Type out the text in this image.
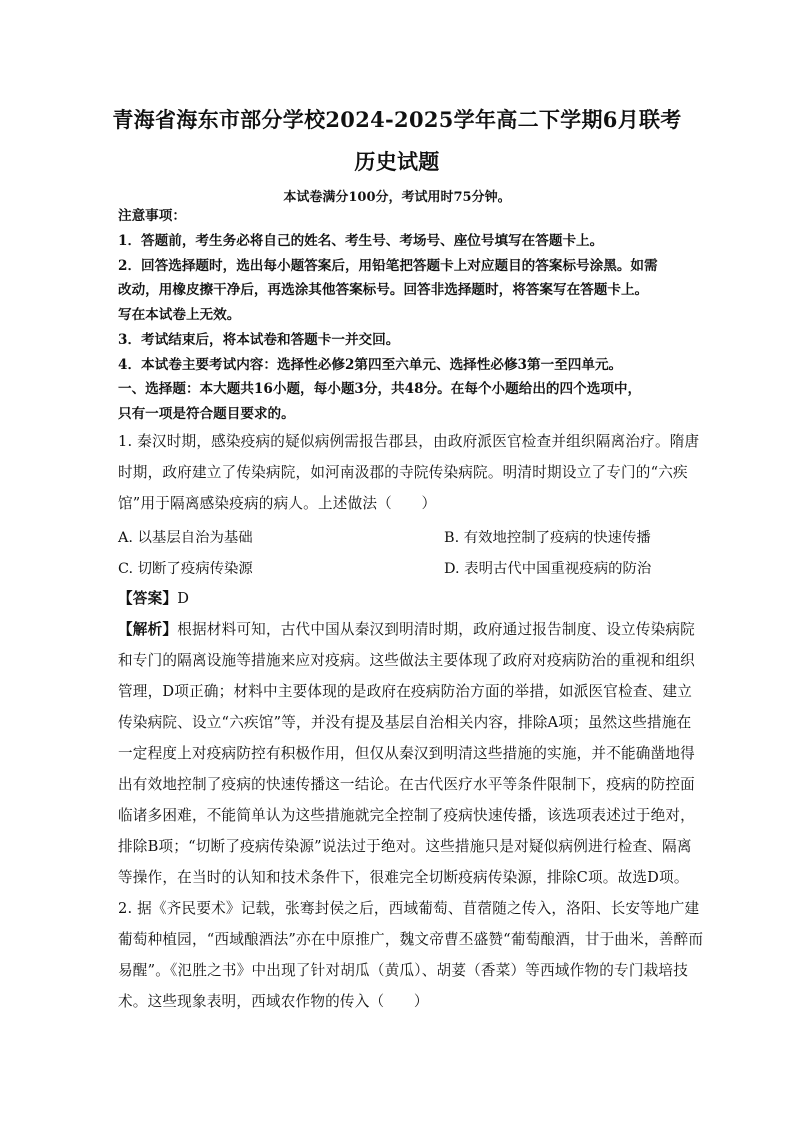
青海省海东市部分学校2024-2025学年高二下学期6月联考
历史试题
本试卷满分100分，考试用时75分钟。
注意事项：
1．答题前，考生务必将自己的姓名、考生号、考场号、座位号填写在答题卡上。
2．回答选择题时，选出每小题答案后，用铅笔把答题卡上对应题目的答案标号涂黑。如需
改动，用橡皮擦干净后，再选涂其他答案标号。回答非选择题时，将答案写在答题卡上。
写在本试卷上无效。
3．考试结束后，将本试卷和答题卡一并交回。
4．本试卷主要考试内容：选择性必修2第四至六单元、选择性必修3第一至四单元。
一、选择题：本大题共16小题，每小题3分，共48分。在每个小题给出的四个选项中，
只有一项是符合题目要求的。
1. 秦汉时期，感染疫病的疑似病例需报告郡县，由政府派医官检查并组织隔离治疗。隋唐
时期，政府建立了传染病院，如河南汲郡的寺院传染病院。明清时期设立了专门的“六疾
馆”用于隔离感染疫病的病人。上述做法（　　）
A. 以基层自治为基础	B. 有效地控制了疫病的快速传播
C. 切断了疫病传染源	D. 表明古代中国重视疫病的防治
【答案】D
【解析】根据材料可知，古代中国从秦汉到明清时期，政府通过报告制度、设立传染病院
和专门的隔离设施等措施来应对疫病。这些做法主要体现了政府对疫病防治的重视和组织
管理，D项正确；材料中主要体现的是政府在疫病防治方面的举措，如派医官检查、建立
传染病院、设立“六疾馆”等，并没有提及基层自治相关内容，排除A项；虽然这些措施在
一定程度上对疫病防控有积极作用，但仅从秦汉到明清这些措施的实施，并不能确凿地得
出有效地控制了疫病的快速传播这一结论。在古代医疗水平等条件限制下，疫病的防控面
临诸多困难，不能简单认为这些措施就完全控制了疫病快速传播，该选项表述过于绝对，
排除B项；“切断了疫病传染源”说法过于绝对。这些措施只是对疑似病例进行检查、隔离
等操作，在当时的认知和技术条件下，很难完全切断疫病传染源，排除C项。故选D项。
2. 据《齐民要术》记载，张骞封侯之后，西域葡萄、苜蓿随之传入，洛阳、长安等地广建
葡萄种植园，“西域酿酒法”亦在中原推广，魏文帝曹丕盛赞“葡萄酿酒，甘于曲米，善醉而
易醒”。《氾胜之书》中出现了针对胡瓜（黄瓜）、胡荽（香菜）等西域作物的专门栽培技
术。这些现象表明，西域农作物的传入（　　）
